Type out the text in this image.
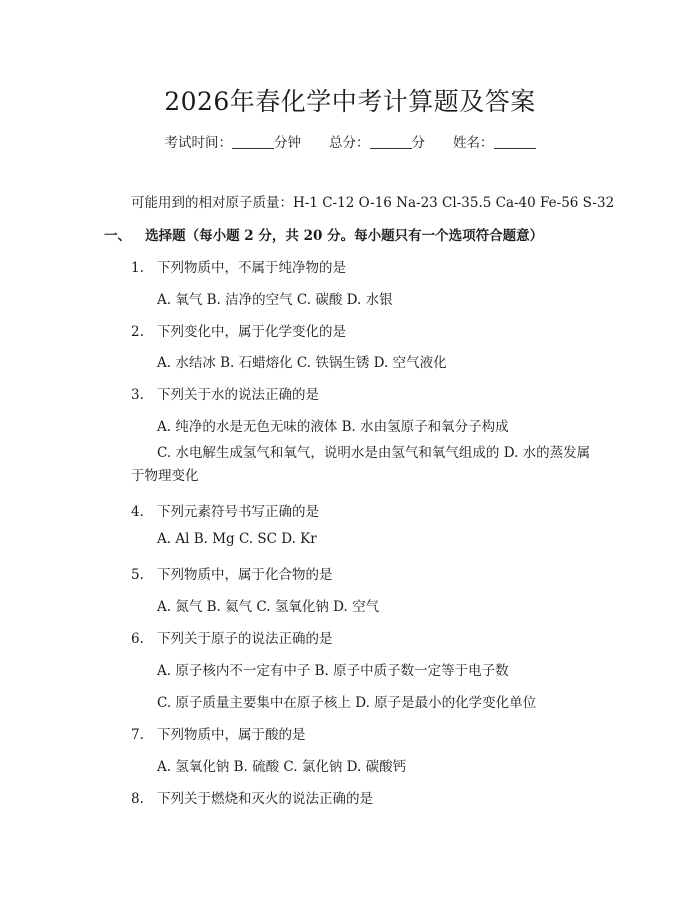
2026年春化学中考计算题及答案
考试时间：	分钟 总分：	分 姓名：
可能用到的相对原子质量：H-1 C-12 O-16 Na-23 Cl-35.5 Ca-40 Fe-56 S-32
一、 选择题（每小题 2 分，共 20 分。每小题只有一个选项符合题意）
1. 下列物质中，不属于纯净物的是
A. 氧气 B. 洁净的空气 C. 碳酸 D. 水银
2. 下列变化中，属于化学变化的是
A. 水结冰 B. 石蜡熔化 C. 铁锅生锈 D. 空气液化
3. 下列关于水的说法正确的是
A. 纯净的水是无色无味的液体 B. 水由氢原子和氧分子构成
C. 水电解生成氢气和氧气，说明水是由氢气和氧气组成的 D. 水的蒸发属于物理变化
4. 下列元素符号书写正确的是
A. Al B. Mg C. SC D. Kr
5. 下列物质中，属于化合物的是
A. 氮气 B. 氦气 C. 氢氧化钠 D. 空气
6. 下列关于原子的说法正确的是
A. 原子核内不一定有中子 B. 原子中质子数一定等于电子数
C. 原子质量主要集中在原子核上 D. 原子是最小的化学变化单位
7. 下列物质中，属于酸的是
A. 氢氧化钠 B. 硫酸 C. 氯化钠 D. 碳酸钙
8. 下列关于燃烧和灭火的说法正确的是
